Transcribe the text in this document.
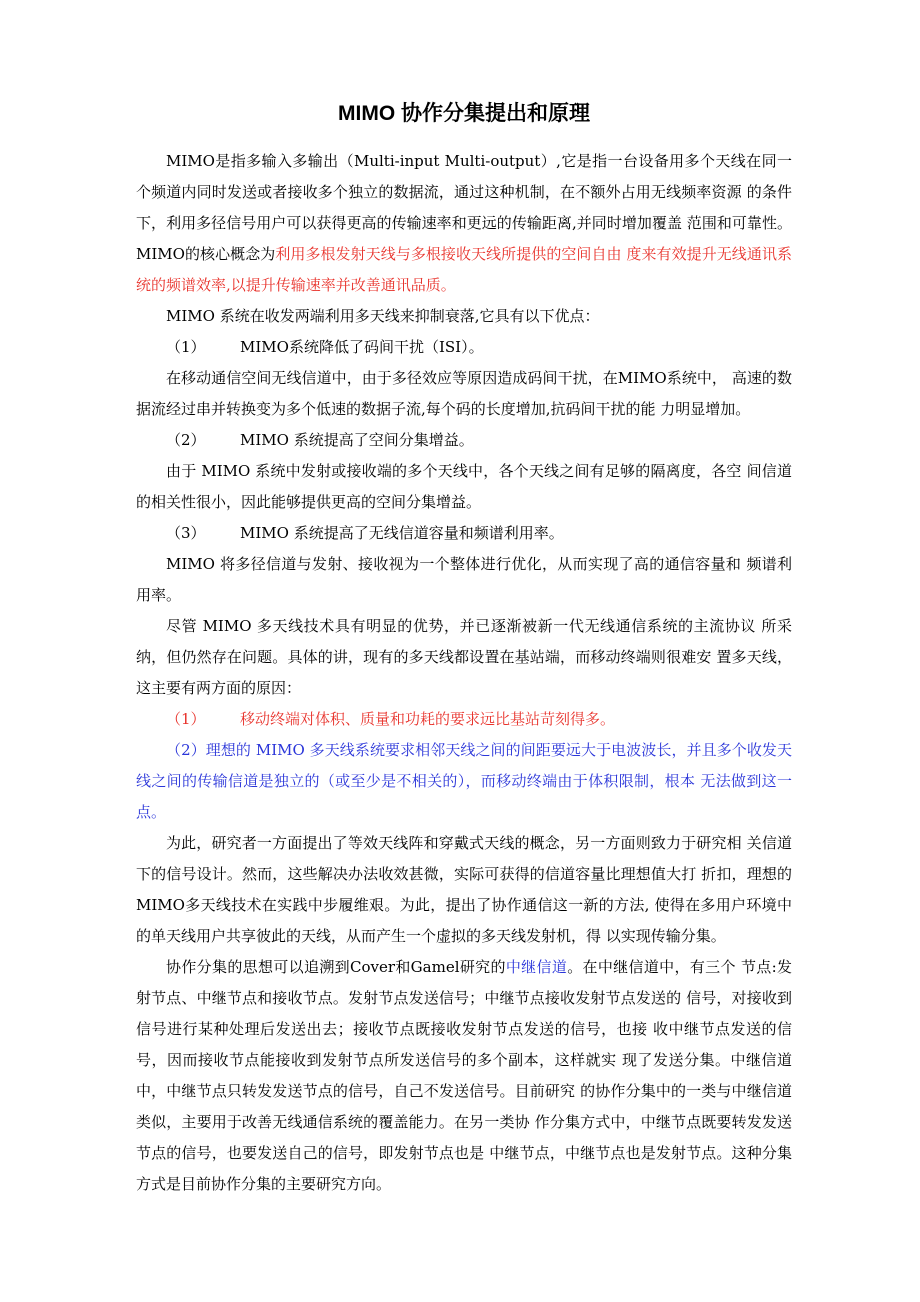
MIMO 协作分集提出和原理

MIMO是指多输入多输出（Multi-input Multi-output）,它是指一台设备用多个天线在同一 个频道内同时发送或者接收多个独立的数据流，通过这种机制，在不额外占用无线频率资源 的条件下，利用多径信号用户可以获得更高的传输速率和更远的传输距离,并同时增加覆盖 范围和可靠性。MIMO的核心概念为利用多根发射天线与多根接收天线所提供的空间自由 度来有效提升无线通讯系统的频谱效率,以提升传输速率并改善通讯品质。

MIMO 系统在收发两端利用多天线来抑制衰落,它具有以下优点：

（1） MIMO系统降低了码间干扰（ISI）。

在移动通信空间无线信道中，由于多径效应等原因造成码间干扰，在MIMO系统中， 高速的数据流经过串并转换变为多个低速的数据子流,每个码的长度增加,抗码间干扰的能 力明显增加。

（2） MIMO 系统提高了空间分集增益。

由于 MIMO 系统中发射或接收端的多个天线中，各个天线之间有足够的隔离度，各空 间信道的相关性很小，因此能够提供更高的空间分集增益。

（3） MIMO 系统提高了无线信道容量和频谱利用率。

MIMO 将多径信道与发射、接收视为一个整体进行优化，从而实现了高的通信容量和 频谱利用率。

尽管 MIMO 多天线技术具有明显的优势，并已逐渐被新一代无线通信系统的主流协议 所采纳，但仍然存在问题。具体的讲，现有的多天线都设置在基站端，而移动终端则很难安 置多天线，这主要有两方面的原因：

（1） 移动终端对体积、质量和功耗的要求远比基站苛刻得多。

（2）理想的 MIMO 多天线系统要求相邻天线之间的间距要远大于电波波长，并且多个收发天线之间的传输信道是独立的（或至少是不相关的），而移动终端由于体积限制，根本 无法做到这一点。

为此，研究者一方面提出了等效天线阵和穿戴式天线的概念，另一方面则致力于研究相 关信道下的信号设计。然而，这些解决办法收效甚微，实际可获得的信道容量比理想值大打 折扣，理想的MIMO多天线技术在实践中步履维艰。为此，提出了协作通信这一新的方法, 使得在多用户环境中的单天线用户共享彼此的天线，从而产生一个虚拟的多天线发射机，得 以实现传输分集。

协作分集的思想可以追溯到Cover和Gamel研究的中继信道。在中继信道中，有三个 节点:发射节点、中继节点和接收节点。发射节点发送信号；中继节点接收发射节点发送的 信号，对接收到信号进行某种处理后发送出去；接收节点既接收发射节点发送的信号，也接 收中继节点发送的信号，因而接收节点能接收到发射节点所发送信号的多个副本，这样就实 现了发送分集。中继信道中，中继节点只转发发送节点的信号，自己不发送信号。目前研究 的协作分集中的一类与中继信道类似，主要用于改善无线通信系统的覆盖能力。在另一类协 作分集方式中，中继节点既要转发发送节点的信号，也要发送自己的信号，即发射节点也是 中继节点，中继节点也是发射节点。这种分集方式是目前协作分集的主要研究方向。
